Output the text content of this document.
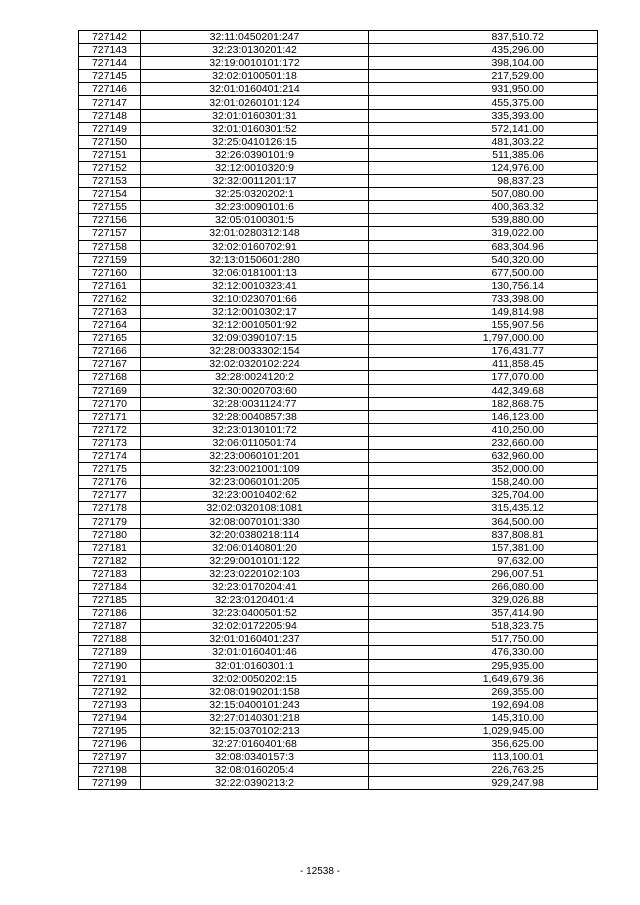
727142	32:11:0450201:247	837,510.72
727143	32:23:0130201:42	435,296.00
727144	32:19:0010101:172	398,104.00
727145	32:02:0100501:18	217,529.00
727146	32:01:0160401:214	931,950.00
727147	32:01:0260101:124	455,375.00
727148	32:01:0160301:31	335,393.00
727149	32:01:0160301:52	572,141.00
727150	32:25:0410126:15	481,303.22
727151	32:26:0390101:9	511,385.06
727152	32:12:0010320:9	124,976.00
727153	32:32:0011201:17	98,837.23
727154	32:25:0320202:1	507,080.00
727155	32:23:0090101:6	400,363.32
727156	32:05:0100301:5	539,880.00
727157	32:01:0280312:148	319,022.00
727158	32:02:0160702:91	683,304.96
727159	32:13:0150601:280	540,320.00
727160	32:06:0181001:13	677,500.00
727161	32:12:0010323:41	130,756.14
727162	32:10:0230701:66	733,398.00
727163	32:12:0010302:17	149,814.98
727164	32:12:0010501:92	155,907.56
727165	32:09:0390107:15	1,797,000.00
727166	32:28:0033302:154	176,431.77
727167	32:02:0320102:224	411,858.45
727168	32:28:0024120:2	177,070.00
727169	32:30:0020703:60	442,349.68
727170	32:28:0031124:77	182,868.75
727171	32:28:0040857:38	146,123.00
727172	32:23:0130101:72	410,250.00
727173	32:06:0110501:74	232,660.00
727174	32:23:0060101:201	632,960.00
727175	32:23:0021001:109	352,000.00
727176	32:23:0060101:205	158,240.00
727177	32:23:0010402:62	325,704.00
727178	32:02:0320108:1081	315,435.12
727179	32:08:0070101:330	364,500.00
727180	32:20:0380218:114	837,808.81
727181	32:06:0140801:20	157,381.00
727182	32:29:0010101:122	97,632.00
727183	32:23:0220102:103	296,007.51
727184	32:23:0170204:41	266,080.00
727185	32:23:0120401:4	329,026.88
727186	32:23:0400501:52	357,414.90
727187	32:02:0172205:94	518,323.75
727188	32:01:0160401:237	517,750.00
727189	32:01:0160401:46	476,330.00
727190	32:01:0160301:1	295,935.00
727191	32:02:0050202:15	1,649,679.36
727192	32:08:0190201:158	269,355.00
727193	32:15:0400101:243	192,694.08
727194	32:27:0140301:218	145,310.00
727195	32:15:0370102:213	1,029,945.00
727196	32:27:0160401:68	356,625.00
727197	32:08:0340157:3	113,100.01
727198	32:08:0160205:4	226,763.25
727199	32:22:0390213:2	929,247.98
- 12538 -
